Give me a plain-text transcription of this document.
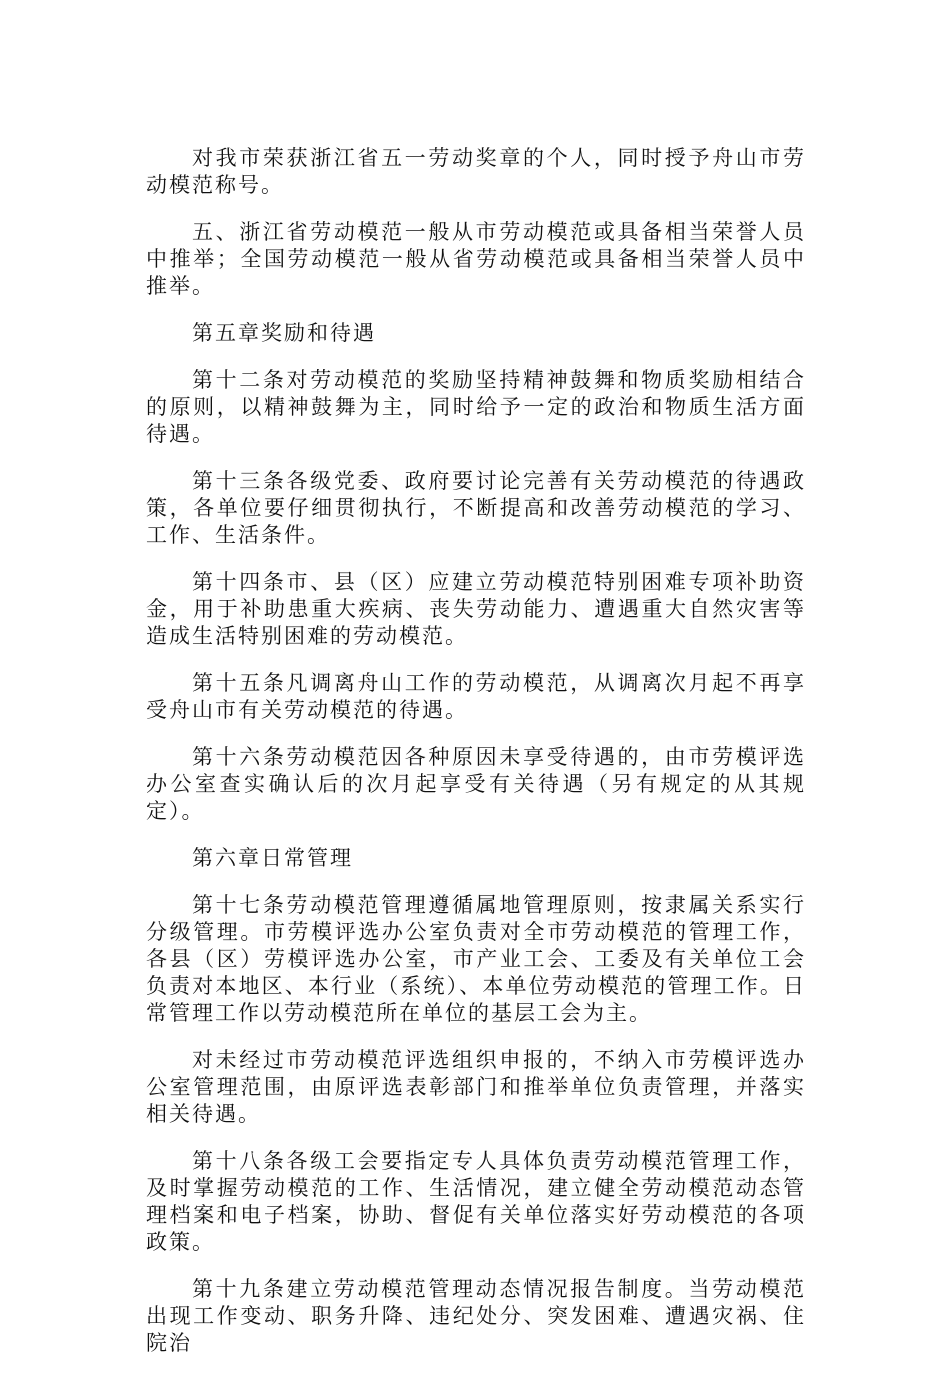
对我市荣获浙江省五一劳动奖章的个人，同时授予舟山市劳动模范称号。

五、浙江省劳动模范一般从市劳动模范或具备相当荣誉人员中推举；全国劳动模范一般从省劳动模范或具备相当荣誉人员中推举。

第五章奖励和待遇

第十二条对劳动模范的奖励坚持精神鼓舞和物质奖励相结合的原则，以精神鼓舞为主，同时给予一定的政治和物质生活方面待遇。

第十三条各级党委、政府要讨论完善有关劳动模范的待遇政策，各单位要仔细贯彻执行，不断提高和改善劳动模范的学习、工作、生活条件。

第十四条市、县（区）应建立劳动模范特别困难专项补助资金，用于补助患重大疾病、丧失劳动能力、遭遇重大自然灾害等造成生活特别困难的劳动模范。

第十五条凡调离舟山工作的劳动模范，从调离次月起不再享受舟山市有关劳动模范的待遇。

第十六条劳动模范因各种原因未享受待遇的，由市劳模评选办公室查实确认后的次月起享受有关待遇（另有规定的从其规定）。

第六章日常管理

第十七条劳动模范管理遵循属地管理原则，按隶属关系实行分级管理。市劳模评选办公室负责对全市劳动模范的管理工作，各县（区）劳模评选办公室，市产业工会、工委及有关单位工会负责对本地区、本行业（系统）、本单位劳动模范的管理工作。日常管理工作以劳动模范所在单位的基层工会为主。

对未经过市劳动模范评选组织申报的，不纳入市劳模评选办公室管理范围，由原评选表彰部门和推举单位负责管理，并落实相关待遇。

第十八条各级工会要指定专人具体负责劳动模范管理工作，及时掌握劳动模范的工作、生活情况，建立健全劳动模范动态管理档案和电子档案，协助、督促有关单位落实好劳动模范的各项政策。

第十九条建立劳动模范管理动态情况报告制度。当劳动模范出现工作变动、职务升降、违纪处分、突发困难、遭遇灾祸、住院治
